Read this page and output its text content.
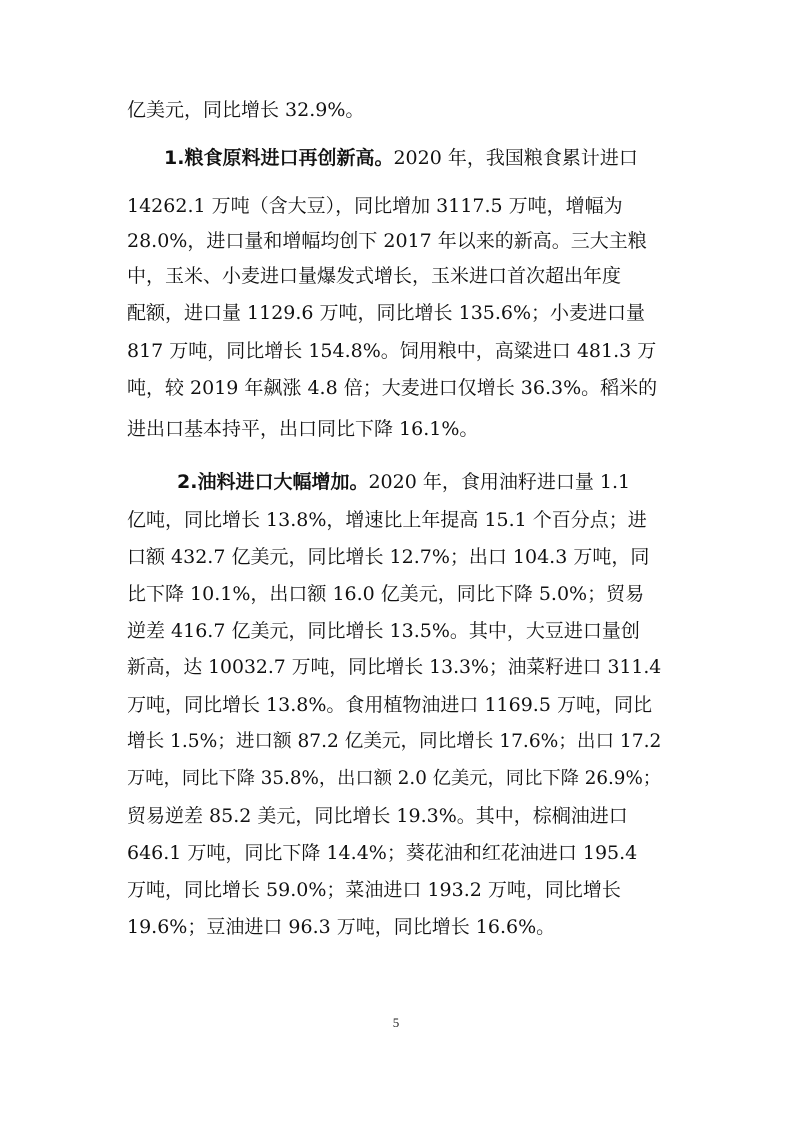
亿美元，同比增长 32.9%。
1.粮食原料进口再创新高。2020 年，我国粮食累计进口
14262.1 万吨（含大豆），同比增加 3117.5 万吨，增幅为
28.0%，进口量和增幅均创下 2017 年以来的新高。三大主粮
中，玉米、小麦进口量爆发式增长，玉米进口首次超出年度
配额，进口量 1129.6 万吨，同比增长 135.6%；小麦进口量
817 万吨，同比增长 154.8%。饲用粮中，高粱进口 481.3 万
吨，较 2019 年飙涨 4.8 倍；大麦进口仅增长 36.3%。稻米的
进出口基本持平，出口同比下降 16.1%。
2.油料进口大幅增加。2020 年，食用油籽进口量 1.1
亿吨，同比增长 13.8%，增速比上年提高 15.1 个百分点；进
口额 432.7 亿美元，同比增长 12.7%；出口 104.3 万吨，同
比下降 10.1%，出口额 16.0 亿美元，同比下降 5.0%；贸易
逆差 416.7 亿美元，同比增长 13.5%。其中，大豆进口量创
新高，达 10032.7 万吨，同比增长 13.3%；油菜籽进口 311.4
万吨，同比增长 13.8%。食用植物油进口 1169.5 万吨，同比
增长 1.5%；进口额 87.2 亿美元，同比增长 17.6%；出口 17.2
万吨，同比下降 35.8%，出口额 2.0 亿美元，同比下降 26.9%；
贸易逆差 85.2 美元，同比增长 19.3%。其中，棕榈油进口
646.1 万吨，同比下降 14.4%；葵花油和红花油进口 195.4
万吨，同比增长 59.0%；菜油进口 193.2 万吨，同比增长
19.6%；豆油进口 96.3 万吨，同比增长 16.6%。
5
